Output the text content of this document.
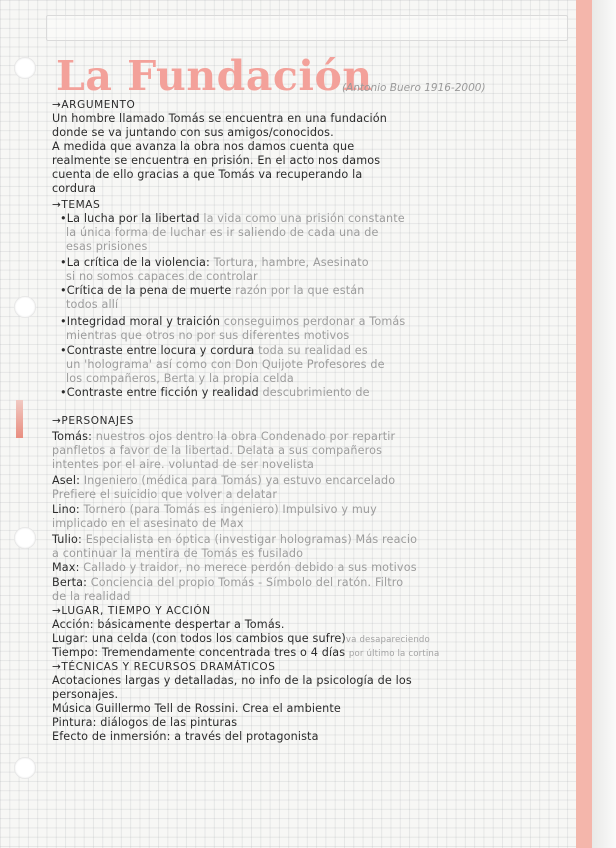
La Fundación
(Antonio Buero 1916-2000)
→ARGUMENTO
Un hombre llamado Tomás se encuentra en una fundación
donde se va juntando con sus amigos/conocidos.
A medida que avanza la obra nos damos cuenta que
realmente se encuentra en prisión. En el acto nos damos
cuenta de ello gracias a que Tomás va recuperando la
cordura
→TEMAS
•La lucha por la libertad la vida como una prisión constante
la única forma de luchar es ir saliendo de cada una de
esas prisiones
•La crítica de la violencia: Tortura, hambre, Asesinato
si no somos capaces de controlar
•Crítica de la pena de muerte razón por la que están
todos allí
•Integridad moral y traición conseguimos perdonar a Tomás
mientras que otros no por sus diferentes motivos
•Contraste entre locura y cordura toda su realidad es
un 'holograma' así como con Don Quijote Profesores de
los compañeros, Berta y la propia celda
•Contraste entre ficción y realidad descubrimiento de
→PERSONAJES
Tomás: nuestros ojos dentro la obra Condenado por repartir
panfletos a favor de la libertad. Delata a sus compañeros
intentes por el aire. voluntad de ser novelista
Asel: Ingeniero (médica para Tomás) ya estuvo encarcelado
Prefiere el suicidio que volver a delatar
Lino: Tornero (para Tomás es ingeniero) Impulsivo y muy
implicado en el asesinato de Max
Tulio: Especialista en óptica (investigar hologramas) Más reacio
a continuar la mentira de Tomás es fusilado
Max: Callado y traidor, no merece perdón debido a sus motivos
Berta: Conciencia del propio Tomás - Símbolo del ratón. Filtro
de la realidad
→LUGAR, TIEMPO Y ACCIÓN
Acción: básicamente despertar a Tomás.
Lugar: una celda (con todos los cambios que sufre)va desapareciendo
Tiempo: Tremendamente concentrada tres o 4 días por último la cortina
→TÉCNICAS Y RECURSOS DRAMÁTICOS
Acotaciones largas y detalladas, no info de la psicología de los
personajes.
Música Guillermo Tell de Rossini. Crea el ambiente
Pintura: diálogos de las pinturas
Efecto de inmersión: a través del protagonista
